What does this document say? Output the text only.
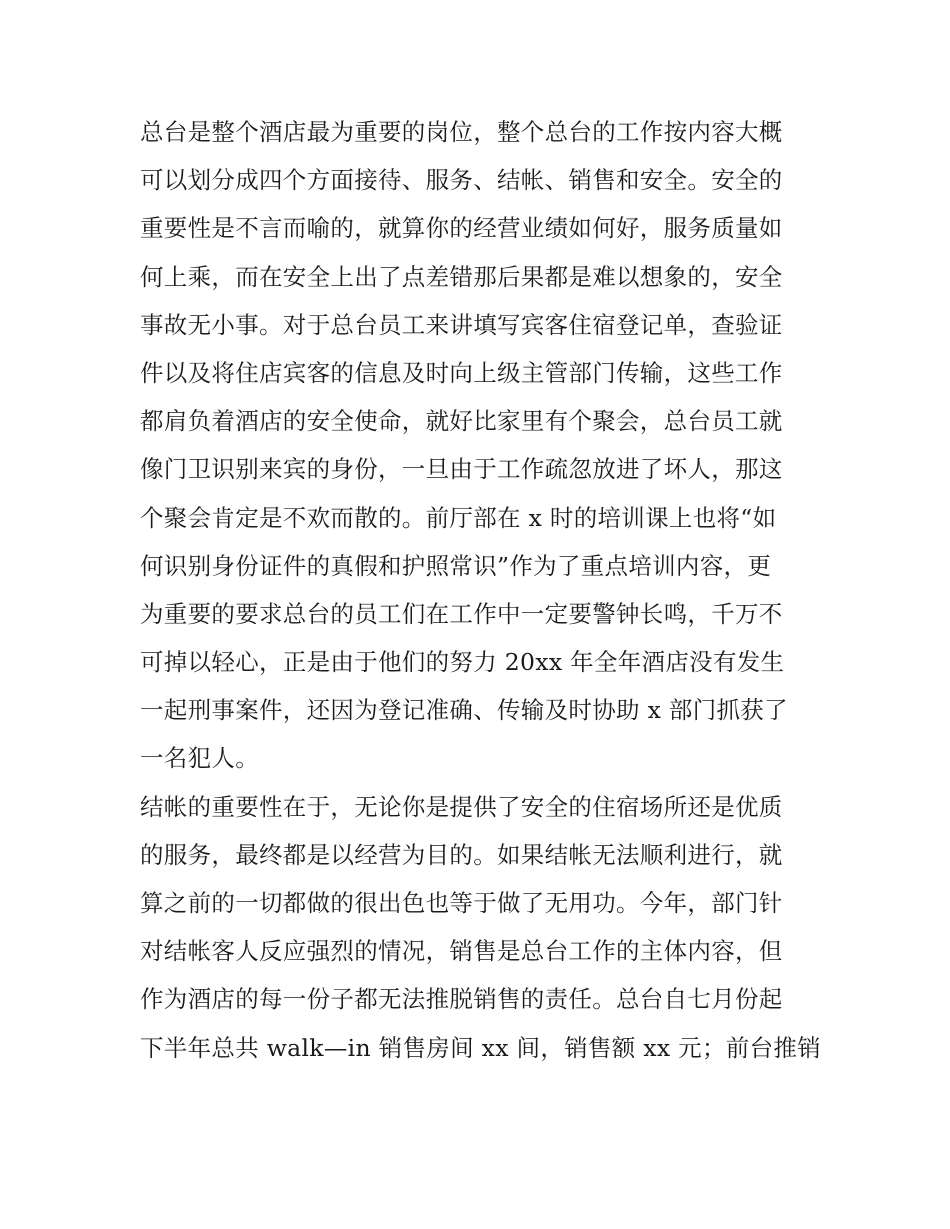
总台是整个酒店最为重要的岗位，整个总台的工作按内容大概
可以划分成四个方面接待、服务、结帐、销售和安全。安全的
重要性是不言而喻的，就算你的经营业绩如何好，服务质量如
何上乘，而在安全上出了点差错那后果都是难以想象的，安全
事故无小事。对于总台员工来讲填写宾客住宿登记单，查验证
件以及将住店宾客的信息及时向上级主管部门传输，这些工作
都肩负着酒店的安全使命，就好比家里有个聚会，总台员工就
像门卫识别来宾的身份，一旦由于工作疏忽放进了坏人，那这
个聚会肯定是不欢而散的。前厅部在 x 时的培训课上也将“如
何识别身份证件的真假和护照常识”作为了重点培训内容，更
为重要的要求总台的员工们在工作中一定要警钟长鸣，千万不
可掉以轻心，正是由于他们的努力 20xx 年全年酒店没有发生
一起刑事案件，还因为登记准确、传输及时协助 x 部门抓获了
一名犯人。
结帐的重要性在于，无论你是提供了安全的住宿场所还是优质
的服务，最终都是以经营为目的。如果结帐无法顺利进行，就
算之前的一切都做的很出色也等于做了无用功。今年，部门针
对结帐客人反应强烈的情况，销售是总台工作的主体内容，但
作为酒店的每一份子都无法推脱销售的责任。总台自七月份起
下半年总共 walk—in 销售房间 xx 间，销售额 xx 元；前台推销
